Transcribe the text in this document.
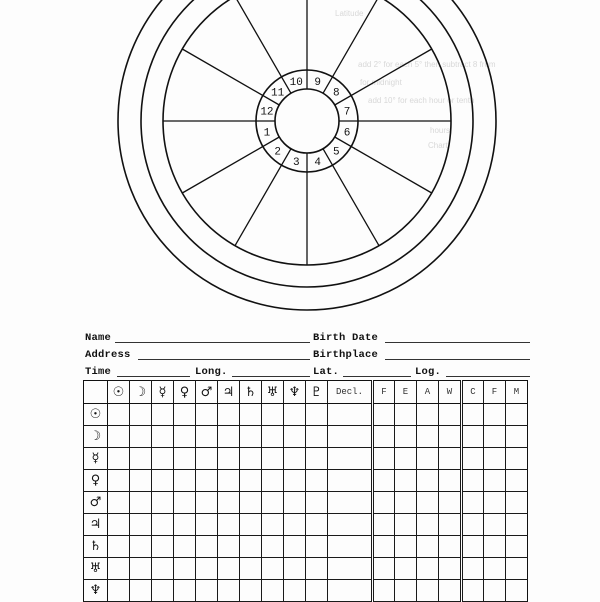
Latitude
add 2° for each 5° then subtract 8 from
for midnight
add 10° for each hour or tenth
hours
Chart
1
2
3 4
5
6
7
8
9
10
11
12
Name	Birth Date
Address	Birthplace
Time	Long.	Lat.	Log.
	☉	☽	☿	♀	♂	♃	♄	♅	♆	♇	Decl.	F	E	A	W	C	F	M
☉																		
☽																		
☿																		
♀																		
♂																		
♃																		
♄																		
♅																		
♆																		
